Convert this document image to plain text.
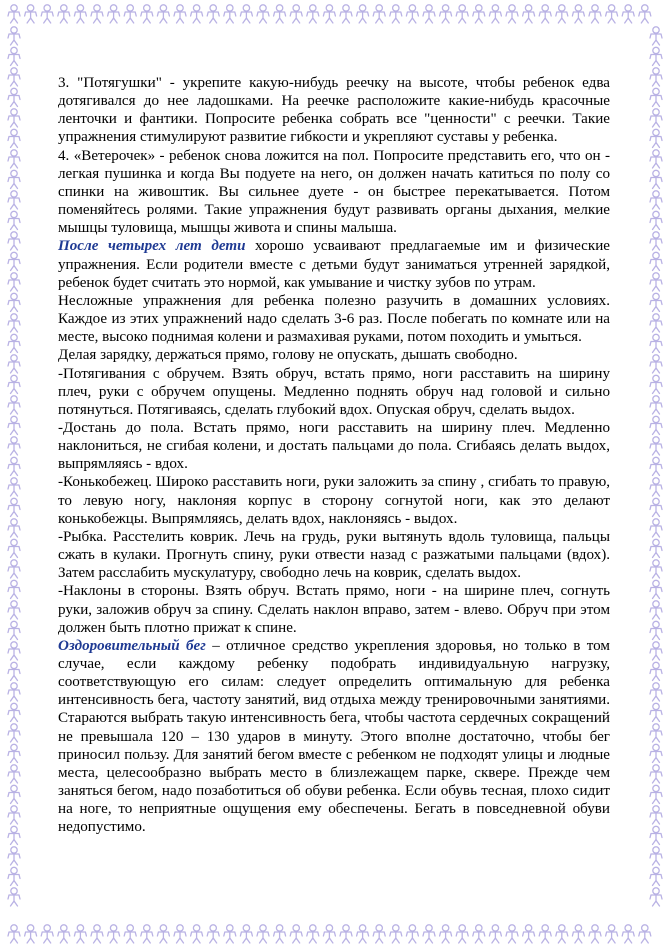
3. "Потягушки" - укрепите какую-нибудь реечку на высоте, чтобы ребенок едва дотягивался до нее ладошками. На реечке расположите какие-нибудь красочные ленточки и фантики. Попросите ребенка собрать все "ценности" с реечки. Такие упражнения стимулируют развитие гибкости и укрепляют суставы у ребенка.

4. «Ветерочек» - ребенок снова ложится на пол. Попросите представить его, что он - легкая пушинка и когда Вы подуете на него, он должен начать катиться по полу со спинки на живоштик. Вы сильнее дуете - он быстрее перекатывается. Потом поменяйтесь ролями. Такие упражнения будут развивать органы дыхания, мелкие мышцы туловища, мышцы живота и спины малыша.

После четырех лет дети хорошо усваивают предлагаемые им и физические упражнения. Если родители вместе с детьми будут заниматься утренней зарядкой, ребенок будет считать это нормой, как умывание и чистку зубов по утрам.

Несложные упражнения для ребенка полезно разучить в домашних условиях. Каждое из этих упражнений надо сделать 3-6 раз. После побегать по комнате или на месте, высоко поднимая колени и размахивая руками, потом походить и умыться.

Делая зарядку, держаться прямо, голову не опускать, дышать свободно.

-Потягивания с обручем. Взять обруч, встать прямо, ноги расставить на ширину плеч, руки с обручем опущены. Медленно поднять обруч над головой и сильно потянуться. Потягиваясь, сделать глубокий вдох. Опуская обруч, сделать выдох.

-Достань до пола. Встать прямо, ноги расставить на ширину плеч. Медленно наклониться, не сгибая колени, и достать пальцами до пола. Сгибаясь делать выдох, выпрямляясь - вдох.

-Конькобежец. Широко расставить ноги, руки заложить за спину , сгибать то правую, то левую ногу, наклоняя корпус в сторону согнутой ноги, как это делают конькобежцы. Выпрямляясь, делать вдох, наклоняясь - выдох.

-Рыбка. Расстелить коврик. Лечь на грудь, руки вытянуть вдоль туловища, пальцы сжать в кулаки. Прогнуть спину, руки отвести назад с разжатыми пальцами (вдох). Затем расслабить мускулатуру, свободно лечь на коврик, сделать выдох.

-Наклоны в стороны. Взять обруч. Встать прямо, ноги - на ширине плеч, согнуть руки, заложив обруч за спину. Сделать наклон вправо, затем - влево. Обруч при этом должен быть плотно прижат к спине.

Оздоровительный бег – отличное средство укрепления здоровья, но только в том случае, если каждому ребенку подобрать индивидуальную нагрузку, соответствующую его силам: следует определить оптимальную для ребенка интенсивность бега, частоту занятий, вид отдыха между тренировочными занятиями. Стараются выбрать такую интенсивность бега, чтобы частота сердечных сокращений не превышала 120 – 130 ударов в минуту. Этого вполне достаточно, чтобы бег приносил пользу. Для занятий бегом вместе с ребенком не подходят улицы и людные места, целесообразно выбрать место в близлежащем парке, сквере. Прежде чем заняться бегом, надо позаботиться об обуви ребенка. Если обувь тесная, плохо сидит на ноге, то неприятные ощущения ему обеспечены. Бегать в повседневной обуви недопустимо.
